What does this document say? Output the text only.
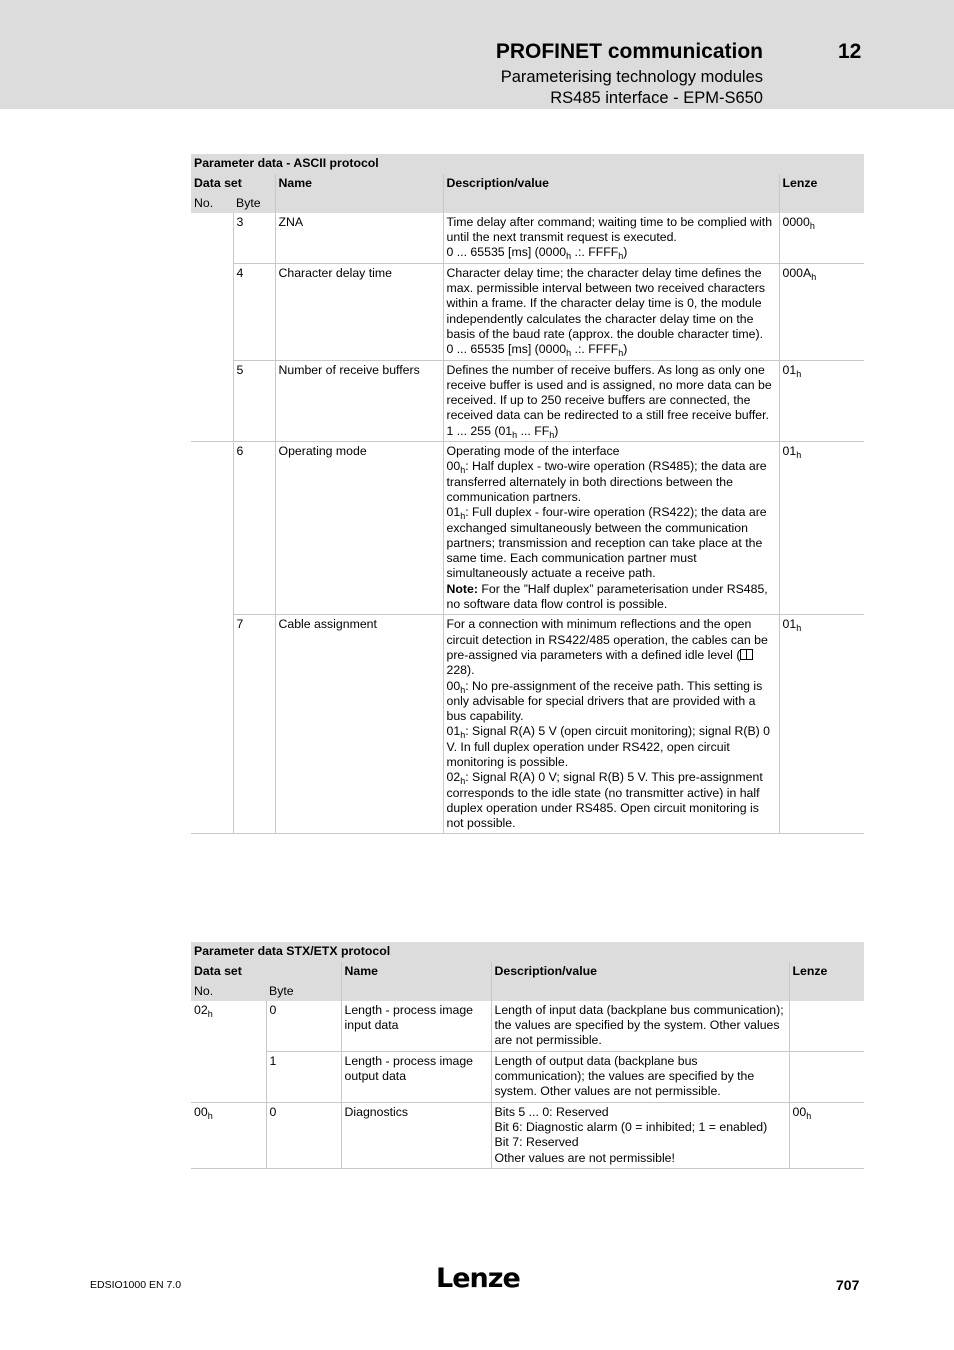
PROFINET communication	12
Parameterising technology modules
RS485 interface - EPM-S650
Parameter data - ASCII protocol				
Data set		Name	Description/value	Lenze
No.	Byte			
	3	ZNA	Time delay after command; waiting time to be complied with until the next transmit request is executed.
0 ... 65535 [ms] ($0000_h$ .:. $FFFF_h$)	$0000_h$
	4	Character delay time	Character delay time; the character delay time defines the max. permissible interval between two received characters within a frame. If the character delay time is 0, the module independently calculates the character delay time on the basis of the baud rate (approx. the double character time).
0 ... 65535 [ms] ($0000_h$ .:. $FFFF_h$)	$000A_h$
	5	Number of receive buffers	Defines the number of receive buffers. As long as only one receive buffer is used and is assigned, no more data can be received. If up to 250 receive buffers are connected, the received data can be redirected to a still free receive buffer.
1 ... 255 ($01_h$ ... $FF_h$)	$01_h$
	6	Operating mode	Operating mode of the interface
$00_h$: Half duplex - two-wire operation (RS485); the data are transferred alternately in both directions between the communication partners.
$01_h$: Full duplex - four-wire operation (RS422); the data are exchanged simultaneously between the communication partners; transmission and reception can take place at the same time. Each communication partner must simultaneously actuate a receive path.
Note: For the ”Half duplex” parameterisation under RS485, no software data flow control is possible.	$01_h$
	7	Cable assignment	For a connection with minimum reflections and the open circuit detection in RS422/485 operation, the cables can be pre-assigned via parameters with a defined idle level ( 228).
$00_h$: No pre-assignment of the receive path. This setting is only advisable for special drivers that are provided with a bus capability.
$01_h$: Signal R(A) 5 V (open circuit monitoring); signal R(B) 0 V. In full duplex operation under RS422, open circuit monitoring is possible.
$02_h$: Signal R(A) 0 V; signal R(B) 5 V. This pre-assignment corresponds to the idle state (no transmitter active) in half duplex operation under RS485. Open circuit monitoring is not possible.	$01_h$
Parameter data STX/ETX protocol				
Data set		Name	Description/value	Lenze
No.	Byte			
$02_h$	0	Length - process image input data	Length of input data (backplane bus communication); the values are specified by the system. Other values are not permissible.	
	1	Length - process image output data	Length of output data (backplane bus communication); the values are specified by the system. Other values are not permissible.	
$00_h$	0	Diagnostics	Bits 5 ... 0: Reserved
Bit 6: Diagnostic alarm (0 = inhibited; 1 = enabled)
Bit 7: Reserved
Other values are not permissible!	$00_h$
EDSIO1000 EN 7.0	Lenze	707
